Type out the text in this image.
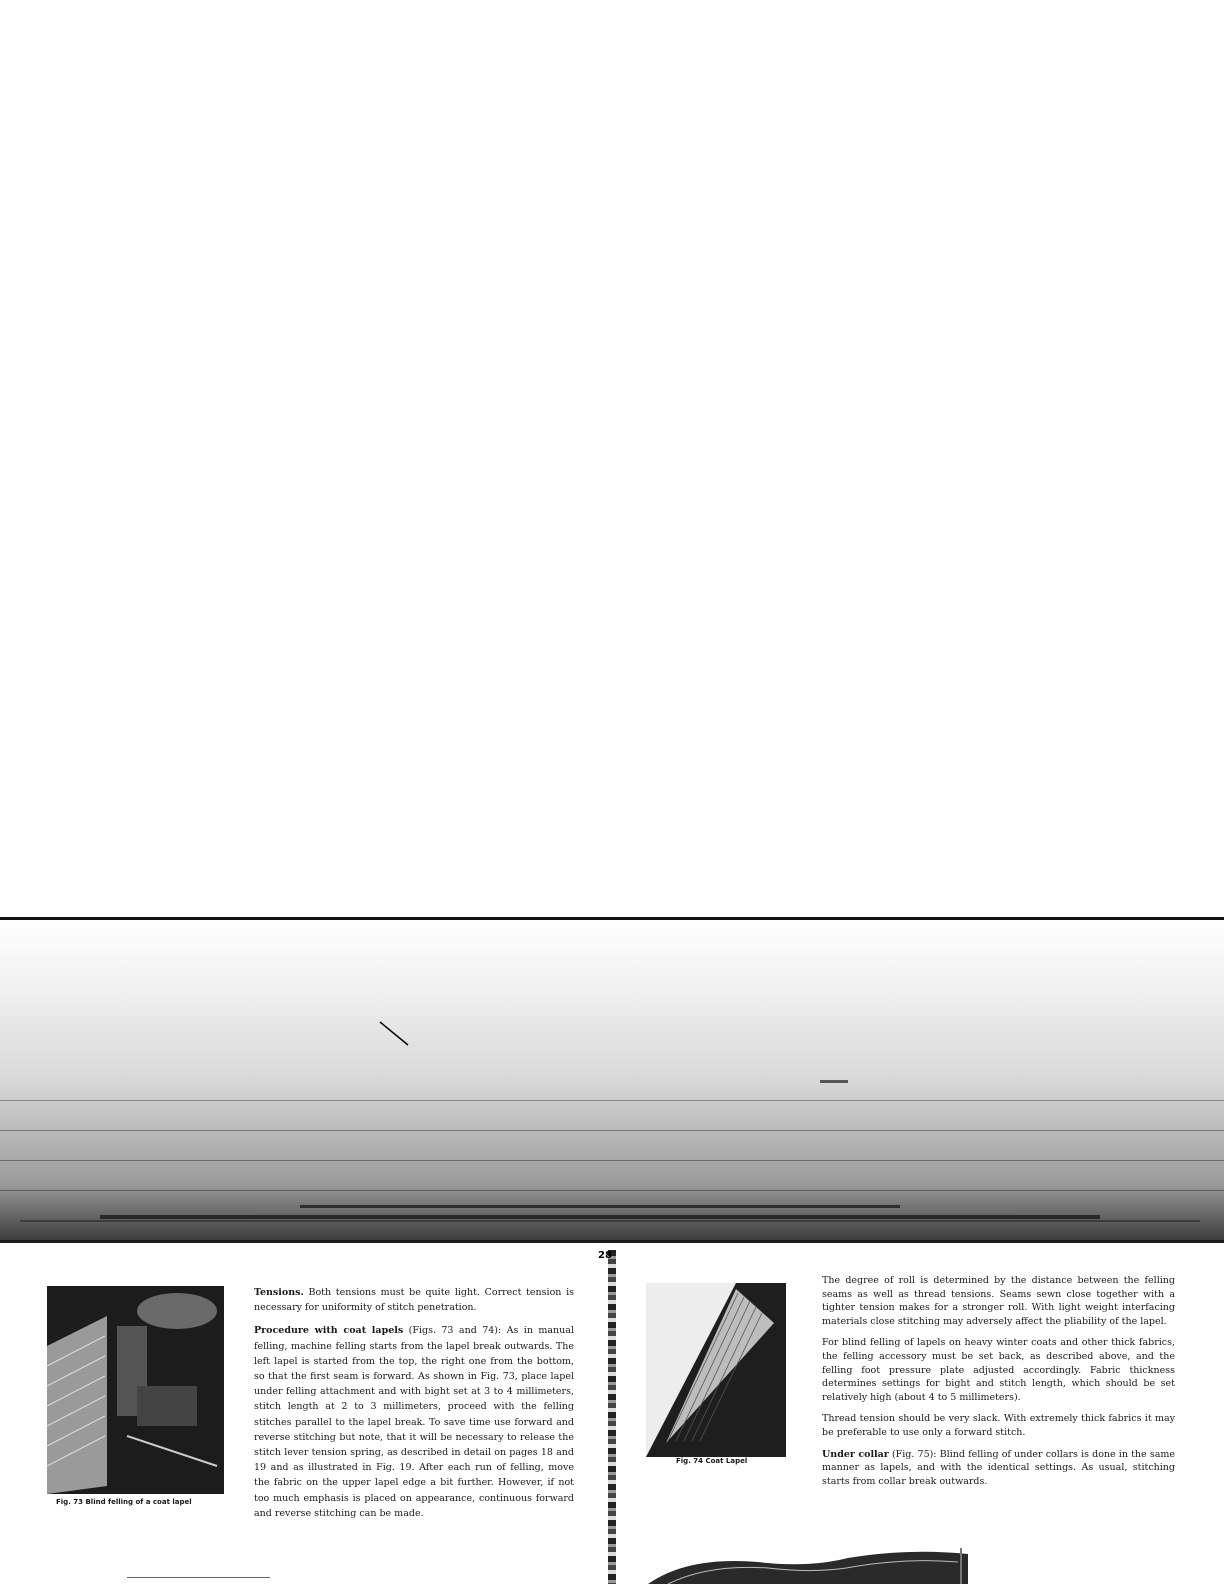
28
Fig. 73 Blind felling of a coat lapel

Tensions. Both tensions must be quite light. Correct tension is necessary for uniformity of stitch penetration.

Procedure with coat lapels (Figs. 73 and 74): As in manual felling, machine felling starts from the lapel break outwards. The left lapel is started from the top, the right one from the bottom, so that the first seam is forward. As shown in Fig. 73, place lapel under felling attachment and with bight set at 3 to 4 millimeters, stitch length at 2 to 3 millimeters, proceed with the felling stitches parallel to the lapel break. To save time use forward and reverse stitching but note, that it will be necessary to release the stitch lever tension spring, as described in detail on pages 18 and 19 and as illustrated in Fig. 19. After each run of felling, move the fabric on the upper lapel edge a bit further. However, if not too much emphasis is placed on appearance, continuous forward and reverse stitching can be made.

Fig. 74 Coat Lapel

The degree of roll is determined by the distance between the felling seams as well as thread tensions. Seams sewn close together with a tighter tension makes for a stronger roll. With light weight interfacing materials close stitching may adversely affect the pliability of the lapel.

For blind felling of lapels on heavy winter coats and other thick fabrics, the felling accessory must be set back, as described above, and the felling foot pressure plate adjusted accordingly. Fabric thickness determines settings for bight and stitch length, which should be set relatively high (about 4 to 5 millimeters).

Thread tension should be very slack. With extremely thick fabrics it may be preferable to use only a forward stitch.

Under collar (Fig. 75): Blind felling of under collars is done in the same manner as lapels, and with the identical settings. As usual, stitching starts from collar break outwards.
